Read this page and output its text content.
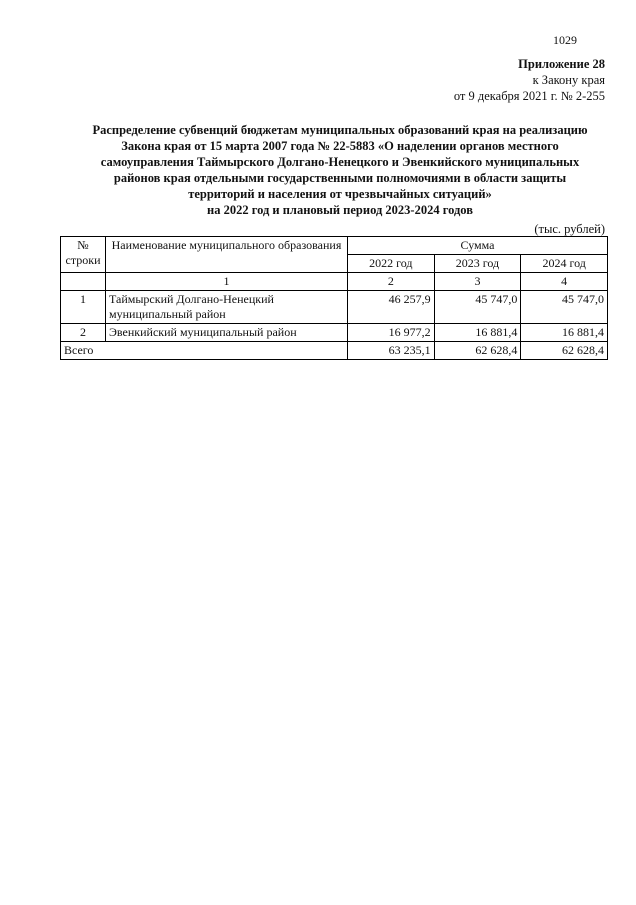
1029
Приложение 28
к Закону края
от 9 декабря 2021 г. № 2-255
Распределение субвенций бюджетам муниципальных образований края на реализацию
Закона края от 15 марта 2007 года № 22-5883 «О наделении органов местного
самоуправления Таймырского Долгано-Ненецкого и Эвенкийского муниципальных
районов края отдельными государственными полномочиями в области защиты
территорий и населения от чрезвычайных ситуаций»
на 2022 год и плановый период 2023-2024 годов
(тыс. рублей)
№ строки	Наименование муниципального образования	Сумма		
		2022 год	2023 год	2024 год
	1	2	3	4
1	Таймырский Долгано-Ненецкий муниципальный район	46 257,9	45 747,0	45 747,0
2	Эвенкийский муниципальный район	16 977,2	16 881,4	16 881,4
Всего		63 235,1	62 628,4	62 628,4
